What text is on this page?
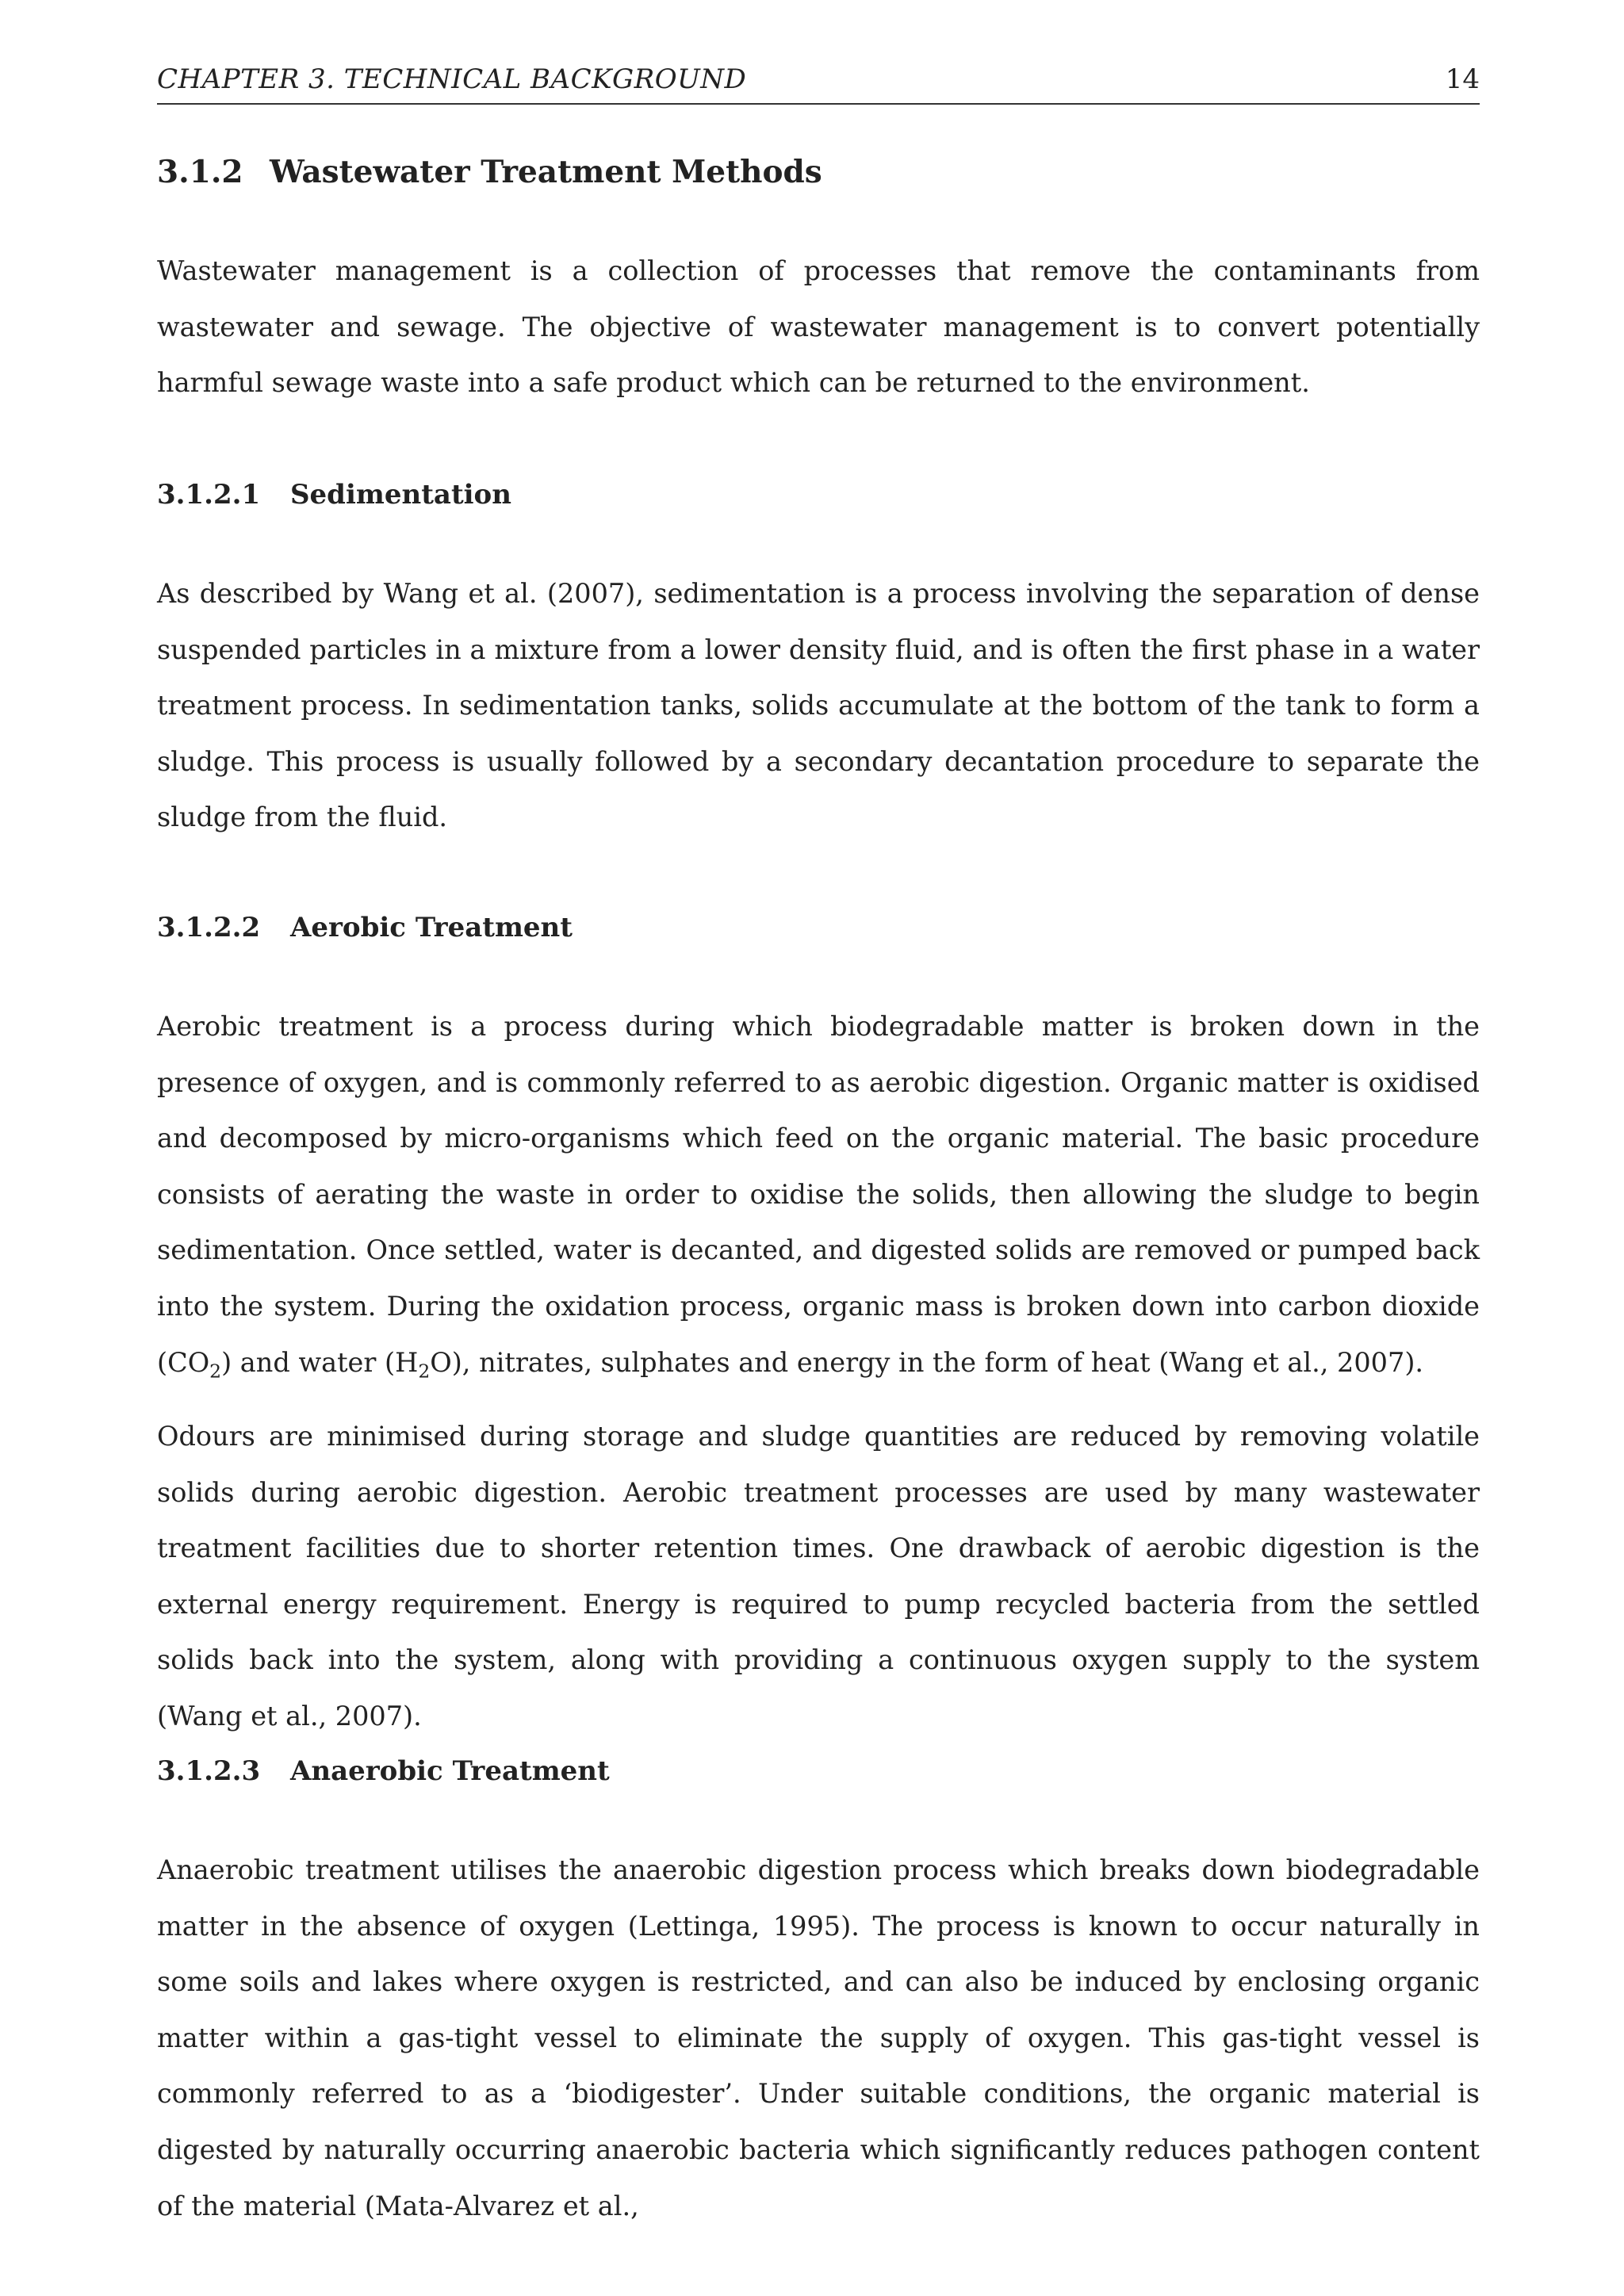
CHAPTER 3. TECHNICAL BACKGROUND	14
3.1.2 Wastewater Treatment Methods

Wastewater management is a collection of processes that remove the contaminants from wastewater and sewage. The objective of wastewater management is to convert potentially harmful sewage waste into a safe product which can be returned to the environment.

3.1.2.1 Sedimentation

As described by Wang et al. (2007), sedimentation is a process involving the separation of dense suspended particles in a mixture from a lower density fluid, and is often the first phase in a water treatment process. In sedimentation tanks, solids accumulate at the bottom of the tank to form a sludge. This process is usually followed by a secondary decantation procedure to separate the sludge from the fluid.

3.1.2.2 Aerobic Treatment

Aerobic treatment is a process during which biodegradable matter is broken down in the presence of oxygen, and is commonly referred to as aerobic digestion. Organic matter is oxidised and decomposed by micro-organisms which feed on the organic material. The basic procedure consists of aerating the waste in order to oxidise the solids, then allowing the sludge to begin sedimentation. Once settled, water is decanted, and digested solids are removed or pumped back into the system. During the oxidation process, organic mass is broken down into carbon dioxide $(CO_2)$ and water $(H_2O)$, nitrates, sulphates and energy in the form of heat (Wang et al., 2007).

Odours are minimised during storage and sludge quantities are reduced by removing volatile solids during aerobic digestion. Aerobic treatment processes are used by many wastewater treatment facilities due to shorter retention times. One drawback of aerobic digestion is the external energy requirement. Energy is required to pump recycled bacteria from the settled solids back into the system, along with providing a continuous oxygen supply to the system (Wang et al., 2007).

3.1.2.3 Anaerobic Treatment

Anaerobic treatment utilises the anaerobic digestion process which breaks down biodegradable matter in the absence of oxygen (Lettinga, 1995). The process is known to occur naturally in some soils and lakes where oxygen is restricted, and can also be induced by enclosing organic matter within a gas-tight vessel to eliminate the supply of oxygen. This gas-tight vessel is commonly referred to as a ‘biodigester’. Under suitable conditions, the organic material is digested by naturally occurring anaerobic bacteria which significantly reduces pathogen content of the material (Mata-Alvarez et al.,
